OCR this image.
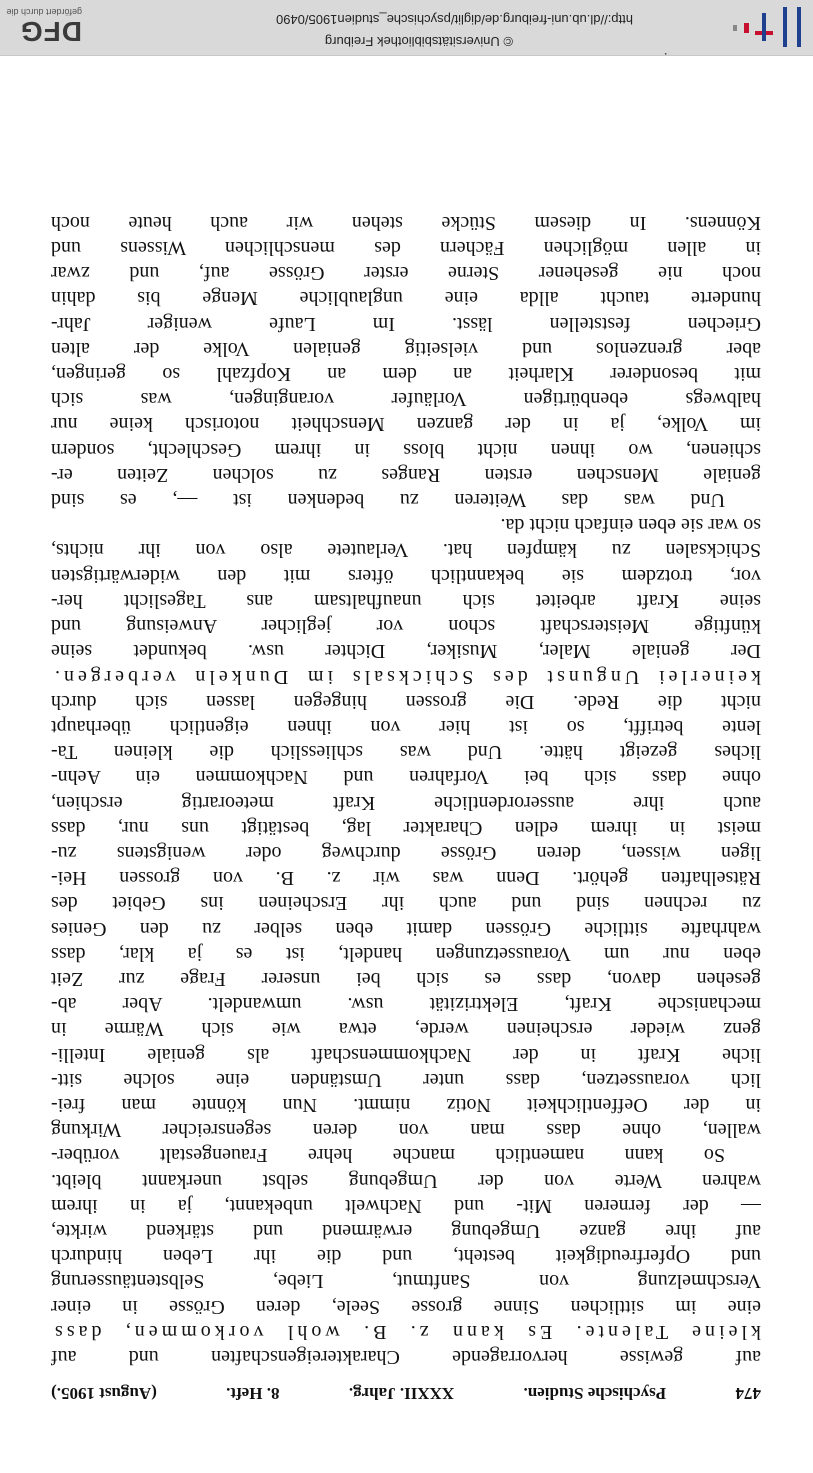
474
Psychische Studien.
XXXII. Jahrg.
8. Heft.
(August 1905.)
auf gewisse hervorragende Charaktereigenschaften und auf
kleine Talente. Es kann z. B. wohl vorkommen, dass
eine im sittlichen Sinne grosse Seele, deren Grösse in einer
Verschmelzung von Sanftmut, Liebe, Selbstentäusserung
und Opferfreudigkeit besteht, und die ihr Leben hindurch
auf ihre ganze Umgebung erwärmend und stärkend wirkte,
— der ferneren Mit- und Nachwelt unbekannt, ja in ihrem
wahren Werte von der Umgebung selbst unerkannt bleibt.
So kann namentlich manche hehre Frauengestalt vorüber-
wallen, ohne dass man von deren segensreicher Wirkung
in der Oeffentlichkeit Notiz nimmt. Nun könnte man frei-
lich voraussetzen, dass unter Umständen eine solche sitt-
liche Kraft in der Nachkommenschaft als geniale Intelli-
genz wieder erscheinen werde, etwa wie sich Wärme in
mechanische Kraft, Elektrizität usw. umwandelt. Aber ab-
gesehen davon, dass es sich bei unserer Frage zur Zeit
eben nur um Voraussetzungen handelt, ist es ja klar, dass
wahrhafte sittliche Grössen damit eben selber zu den Genies
zu rechnen sind und auch ihr Erscheinen ins Gebiet des
Rätselhaften gehört. Denn was wir z. B. von grossen Hei-
ligen wissen, deren Grösse durchweg oder wenigstens zu-
meist in ihrem edlen Charakter lag, bestätigt uns nur, dass
auch ihre ausserordentliche Kraft meteorartig erschien,
ohne dass sich bei Vorfahren und Nachkommen ein Aehn-
liches gezeigt hätte. Und was schliesslich die kleinen Ta-
lente betrifft, so ist hier von ihnen eigentlich überhaupt
nicht die Rede. Die grossen hingegen lassen sich durch
keinerlei Ungunst des Schicksals im Dunkeln verbergen.
Der geniale Maler, Musiker, Dichter usw. bekundet seine
künftige Meisterschaft schon vor jeglicher Anweisung und
seine Kraft arbeitet sich unaufhaltsam ans Tageslicht her-
vor, trotzdem sie bekanntlich öfters mit den widerwärtigsten
Schicksalen zu kämpfen hat. Verlautete also von ihr nichts,
so war sie eben einfach nicht da.
Und was das Weiteren zu bedenken ist —, es sind
geniale Menschen ersten Ranges zu solchen Zeiten er-
schienen, wo ihnen nicht bloss in ihrem Geschlecht, sondern
im Volke, ja in der ganzen Menschheit notorisch keine nur
halbwegs ebenbürtigen Vorläufer vorangingen, was sich
mit besonderer Klarheit an dem an Kopfzahl so geringen,
aber grenzenlos und vielseitig genialen Volke der alten
Griechen feststellen lässt. Im Laufe weniger Jahr-
hunderte taucht allda eine unglaubliche Menge bis dahin
noch nie gesehener Sterne erster Grösse auf, und zwar
in allen möglichen Fächern des menschlichen Wissens und
Könnens. In diesem Stücke stehen wir auch heute noch
© Universitätsbibliothek Freiburg
http://dl.ub.uni-freiburg.de/diglit/psychische_studien1905/0490
DFG
gefördert durch die
·
